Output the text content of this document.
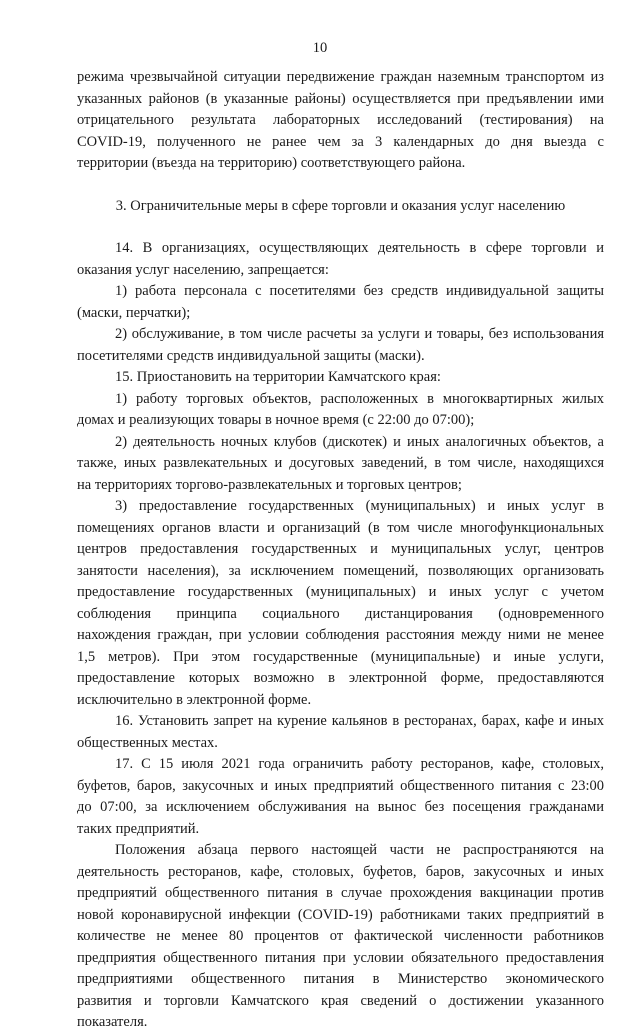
10
режима чрезвычайной ситуации передвижение граждан наземным транспортом из
указанных районов (в указанные районы) осуществляется при предъявлении ими
отрицательного результата лабораторных исследований (тестирования) на
COVID-19, полученного не ранее чем за 3 календарных до дня выезда с
территории (въезда на территорию) соответствующего района.
3. Ограничительные меры в сфере торговли и оказания услуг населению
14. В организациях, осуществляющих деятельность в сфере торговли и
оказания услуг населению, запрещается:
1) работа персонала с посетителями без средств индивидуальной защиты
(маски, перчатки);
2) обслуживание, в том числе расчеты за услуги и товары, без использования
посетителями средств индивидуальной защиты (маски).
15. Приостановить на территории Камчатского края:
1) работу торговых объектов, расположенных в многоквартирных жилых
домах и реализующих товары в ночное время (с 22:00 до 07:00);
2) деятельность ночных клубов (дискотек) и иных аналогичных объектов, а
также, иных развлекательных и досуговых заведений, в том числе, находящихся
на территориях торгово-развлекательных и торговых центров;
3) предоставление государственных (муниципальных) и иных услуг в
помещениях органов власти и организаций (в том числе многофункциональных
центров предоставления государственных и муниципальных услуг, центров
занятости населения), за исключением помещений, позволяющих организовать
предоставление государственных (муниципальных) и иных услуг с учетом
соблюдения принципа социального дистанцирования (одновременного
нахождения граждан, при условии соблюдения расстояния между ними не менее
1,5 метров). При этом государственные (муниципальные) и иные услуги,
предоставление которых возможно в электронной форме, предоставляются
исключительно в электронной форме.
16. Установить запрет на курение кальянов в ресторанах, барах, кафе и иных
общественных местах.
17. С 15 июля 2021 года ограничить работу ресторанов, кафе, столовых,
буфетов, баров, закусочных и иных предприятий общественного питания с 23:00
до 07:00, за исключением обслуживания на вынос без посещения гражданами
таких предприятий.
Положения абзаца первого настоящей части не распространяются на
деятельность ресторанов, кафе, столовых, буфетов, баров, закусочных и иных
предприятий общественного питания в случае прохождения вакцинации против
новой коронавирусной инфекции (COVID-19) работниками таких предприятий в
количестве не менее 80 процентов от фактической численности работников
предприятия общественного питания при условии обязательного предоставления
предприятиями общественного питания в Министерство экономического
развития и торговли Камчатского края сведений о достижении указанного
показателя.
